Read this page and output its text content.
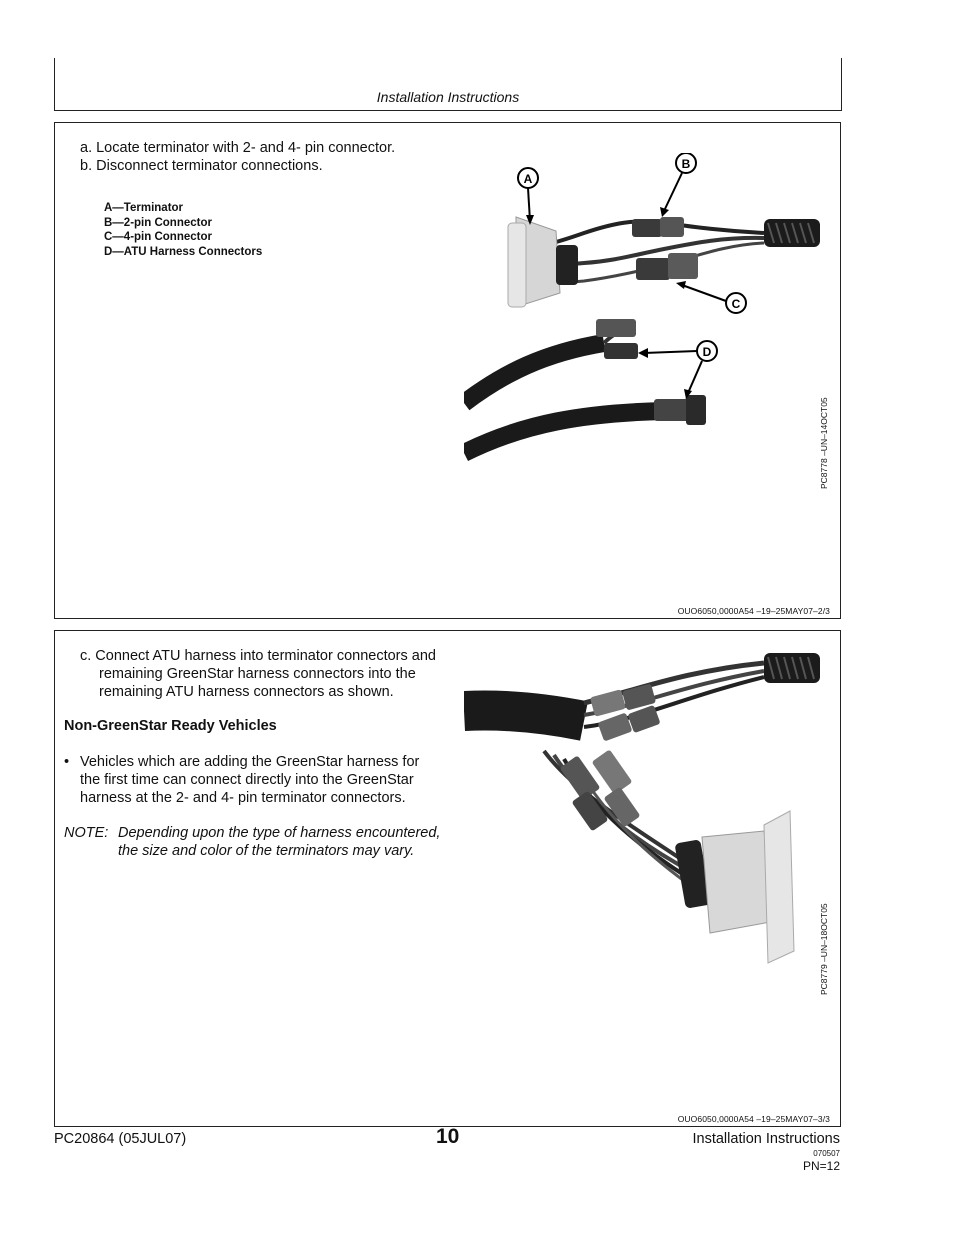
Installation Instructions
a. Locate terminator with 2- and 4- pin connector.
b. Disconnect terminator connections.
A—Terminator
B—2-pin Connector
C—4-pin Connector
D—ATU Harness Connectors
A
B
C
D
PC8778 –UN–14OCT05
OUO6050,0000A54 –19–25MAY07–2/3
c. Connect ATU harness into terminator connectors and
remaining GreenStar harness connectors into the
remaining ATU harness connectors as shown.
Non-GreenStar Ready Vehicles
• Vehicles which are adding the GreenStar harness for
the first time can connect directly into the GreenStar
harness at the 2- and 4- pin terminator connectors.
NOTE: Depending upon the type of harness encountered,
the size and color of the terminators may vary.
PC8779 –UN–18OCT05
OUO6050,0000A54 –19–25MAY07–3/3
PC20864 (05JUL07)	10	Installation Instructions
070507
PN=12
